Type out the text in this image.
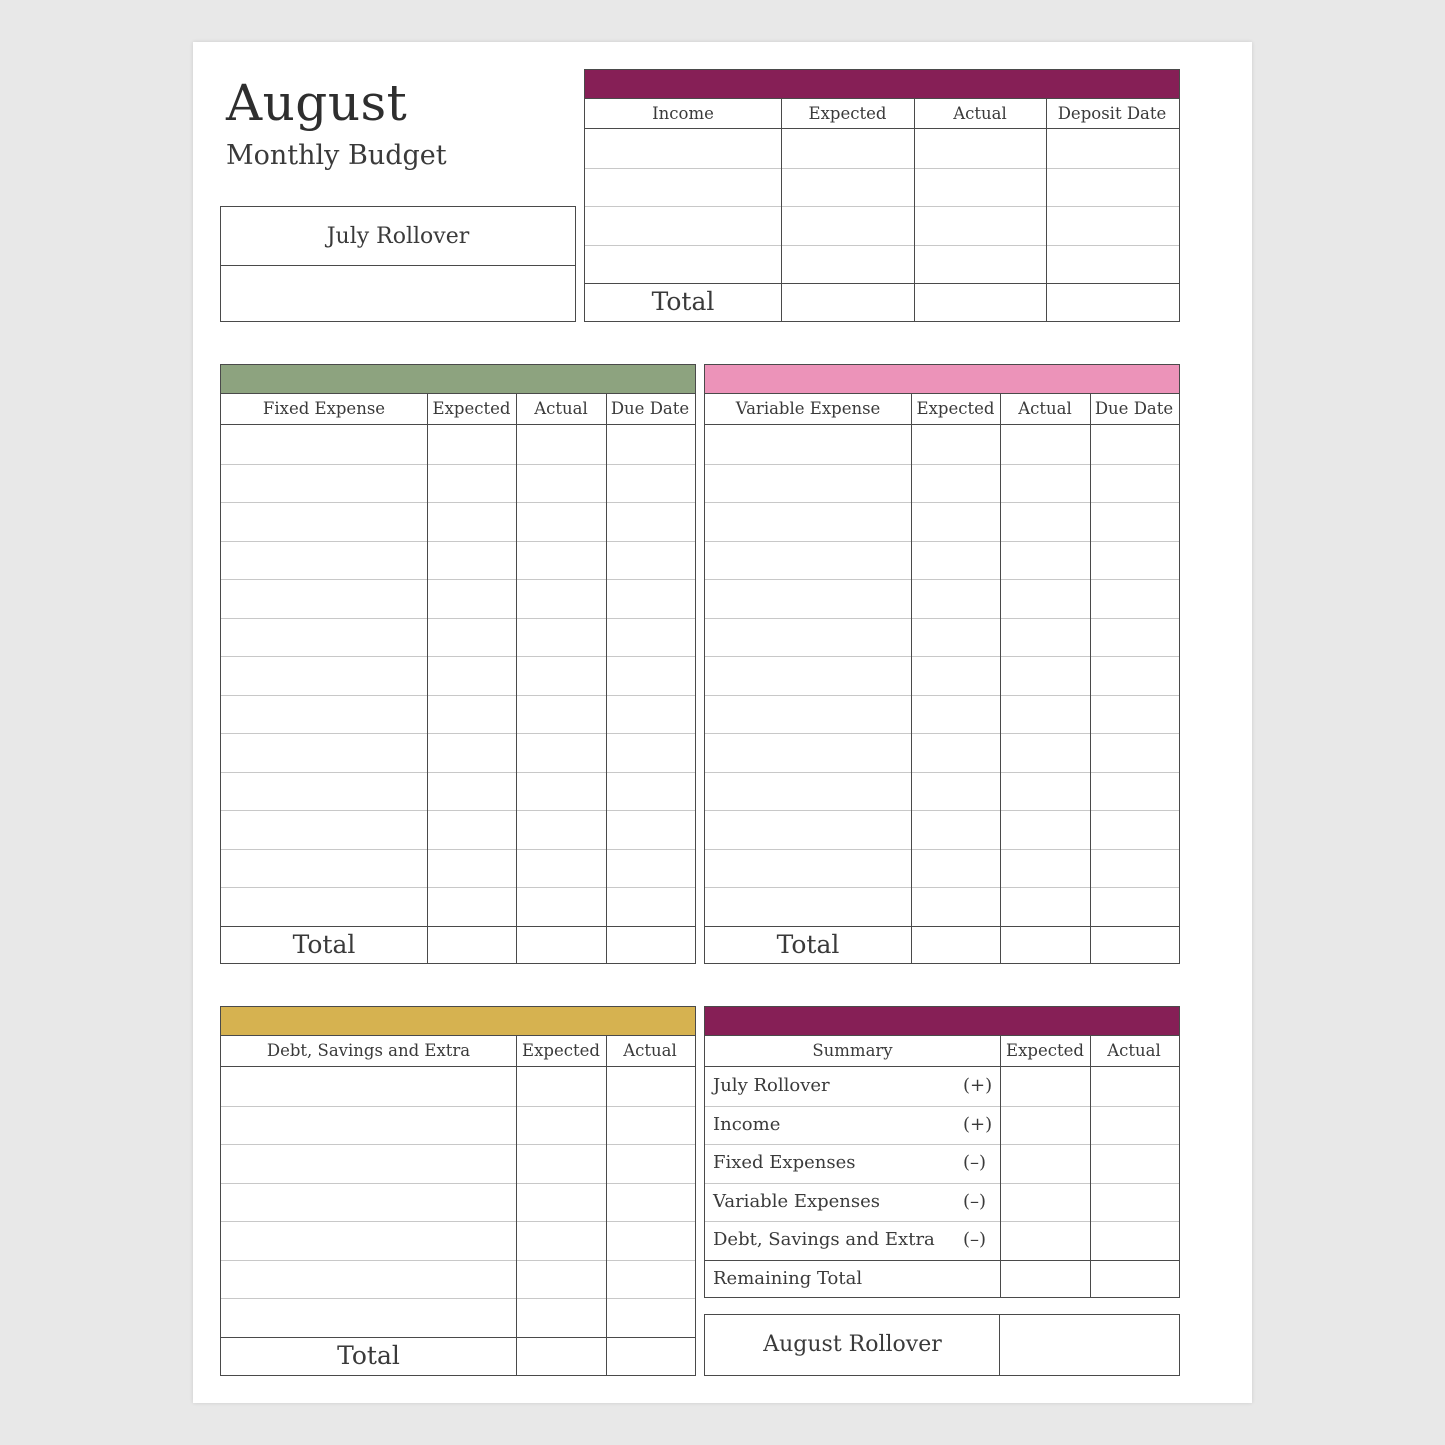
August
Monthly Budget
July Rollover
Income	Expected	Actual	Deposit Date
Total
Fixed Expense	Expected	Actual	Due Date
Total
Variable Expense	Expected	Actual	Due Date
Total
Debt, Savings and Extra	Expected	Actual
Total
Summary	Expected	Actual
July Rollover	(+)
Income	(+)
Fixed Expenses	(–)
Variable Expenses	(–)
Debt, Savings and Extra (–)
Remaining Total
August Rollover
